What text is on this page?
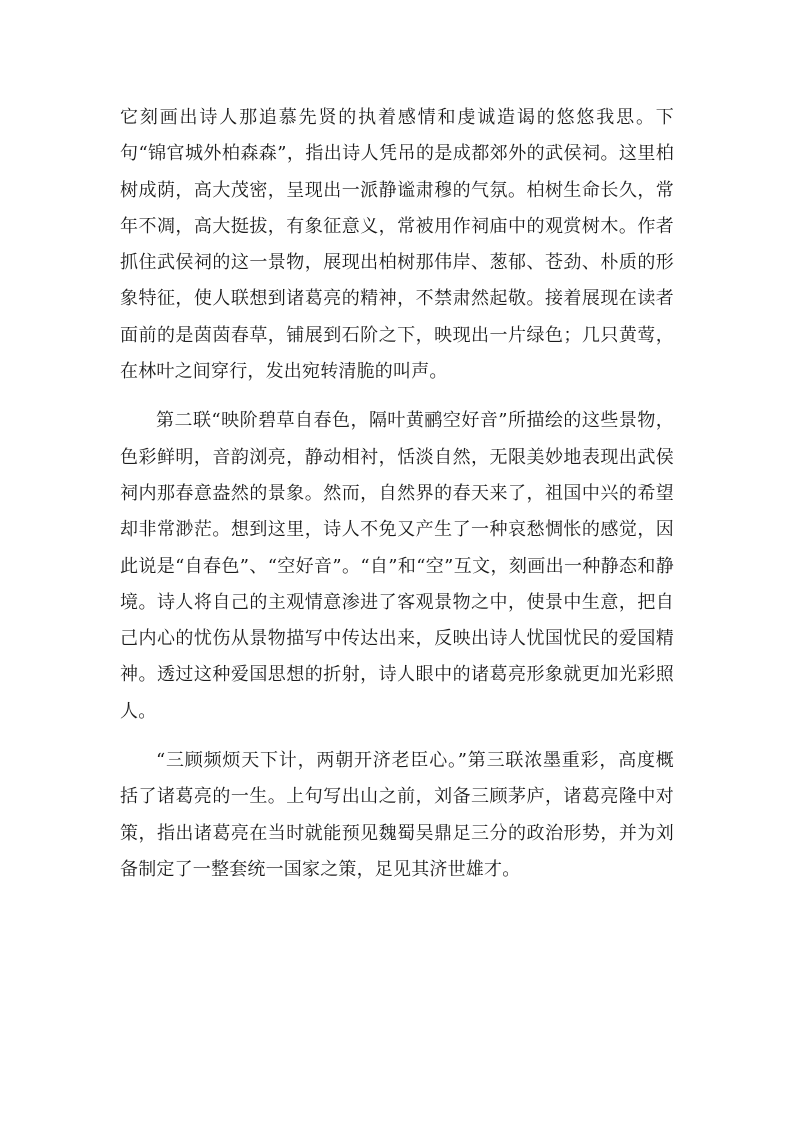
它刻画出诗人那追慕先贤的执着感情和虔诚造谒的悠悠我思。下句“锦官城外柏森森”，指出诗人凭吊的是成都郊外的武侯祠。这里柏树成荫，高大茂密，呈现出一派静谧肃穆的气氛。柏树生命长久，常年不凋，高大挺拔，有象征意义，常被用作祠庙中的观赏树木。作者抓住武侯祠的这一景物，展现出柏树那伟岸、葱郁、苍劲、朴质的形象特征，使人联想到诸葛亮的精神，不禁肃然起敬。接着展现在读者面前的是茵茵春草，铺展到石阶之下，映现出一片绿色；几只黄莺，在林叶之间穿行，发出宛转清脆的叫声。

第二联“映阶碧草自春色，隔叶黄鹂空好音”所描绘的这些景物，色彩鲜明，音韵浏亮，静动相衬，恬淡自然，无限美妙地表现出武侯祠内那春意盎然的景象。然而，自然界的春天来了，祖国中兴的希望却非常渺茫。想到这里，诗人不免又产生了一种哀愁惆怅的感觉，因此说是“自春色”、“空好音”。“自”和“空”互文，刻画出一种静态和静境。诗人将自己的主观情意渗进了客观景物之中，使景中生意，把自己内心的忧伤从景物描写中传达出来，反映出诗人忧国忧民的爱国精神。透过这种爱国思想的折射，诗人眼中的诸葛亮形象就更加光彩照人。

“三顾频烦天下计，两朝开济老臣心。”第三联浓墨重彩，高度概括了诸葛亮的一生。上句写出山之前，刘备三顾茅庐，诸葛亮隆中对策，指出诸葛亮在当时就能预见魏蜀吴鼎足三分的政治形势，并为刘备制定了一整套统一国家之策，足见其济世雄才。
